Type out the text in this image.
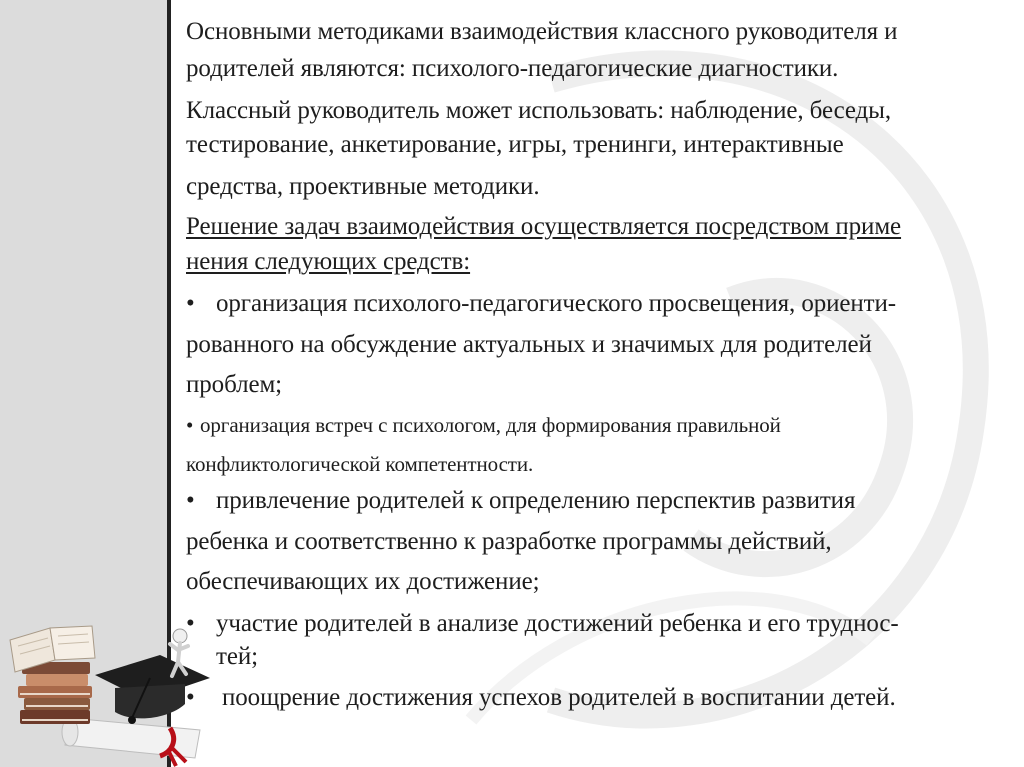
Основными методиками взаимодействия классного руководителя и
родителей являются: психолого-педагогические диагностики.
Классный руководитель может использовать: наблюдение, беседы,
тестирование, анкетирование, игры, тренинги, интерактивные
средства, проективные методики.
Решение задач взаимодействия осуществляется посредством приме
нения следующих средств:
• организация психолого-педагогического просвещения, ориенти-
рованного на обсуждение актуальных и значимых для родителей
проблем;
• организация встреч с психологом, для формирования правильной
конфликтологической компетентности.
• привлечение родителей к определению перспектив развития
ребенка и соответственно к разработке программы действий,
обеспечивающих их достижение;
• участие родителей в анализе достижений ребенка и его труднос-
тей;
• поощрение достижения успехов родителей в воспитании детей.
